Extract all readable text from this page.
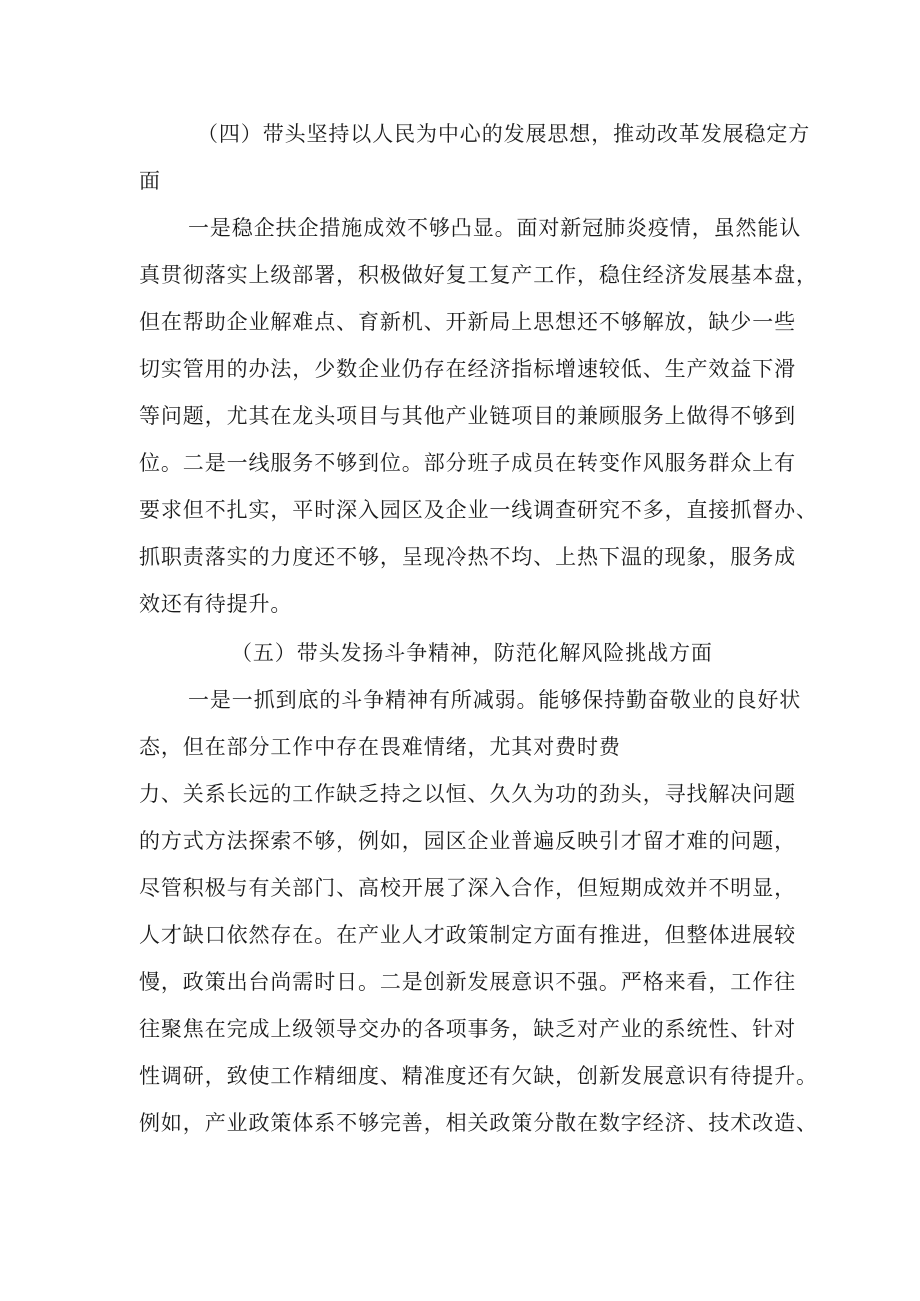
（四）带头坚持以人民为中心的发展思想，推动改革发展稳定方
面
一是稳企扶企措施成效不够凸显。面对新冠肺炎疫情，虽然能认
真贯彻落实上级部署，积极做好复工复产工作，稳住经济发展基本盘，
但在帮助企业解难点、育新机、开新局上思想还不够解放，缺少一些
切实管用的办法，少数企业仍存在经济指标增速较低、生产效益下滑
等问题，尤其在龙头项目与其他产业链项目的兼顾服务上做得不够到
位。二是一线服务不够到位。部分班子成员在转变作风服务群众上有
要求但不扎实，平时深入园区及企业一线调查研究不多，直接抓督办、
抓职责落实的力度还不够，呈现冷热不均、上热下温的现象，服务成
效还有待提升。
（五）带头发扬斗争精神，防范化解风险挑战方面
一是一抓到底的斗争精神有所减弱。能够保持勤奋敬业的良好状
态，但在部分工作中存在畏难情绪，尤其对费时费
力、关系长远的工作缺乏持之以恒、久久为功的劲头，寻找解决问题
的方式方法探索不够，例如，园区企业普遍反映引才留才难的问题，
尽管积极与有关部门、高校开展了深入合作，但短期成效并不明显，
人才缺口依然存在。在产业人才政策制定方面有推进，但整体进展较
慢，政策出台尚需时日。二是创新发展意识不强。严格来看，工作往
往聚焦在完成上级领导交办的各项事务，缺乏对产业的系统性、针对
性调研，致使工作精细度、精准度还有欠缺，创新发展意识有待提升。
例如，产业政策体系不够完善，相关政策分散在数字经济、技术改造、
